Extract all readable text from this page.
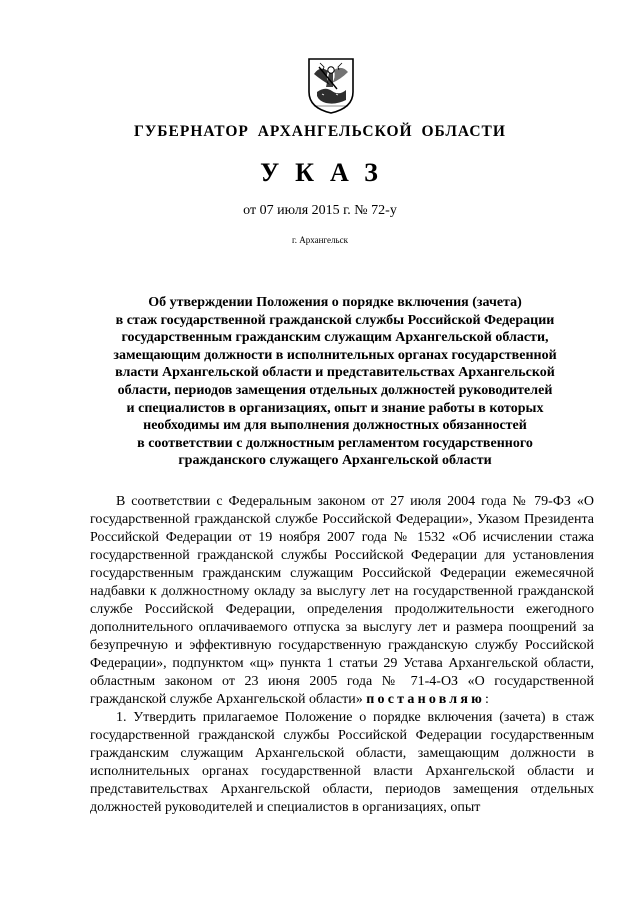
ГУБЕРНАТОР АРХАНГЕЛЬСКОЙ ОБЛАСТИ
УКАЗ
от 07 июля 2015 г. № 72-у
г. Архангельск
Об утверждении Положения о порядке включения (зачета)
в стаж государственной гражданской службы Российской Федерации
государственным гражданским служащим Архангельской области,
замещающим должности в исполнительных органах государственной
власти Архангельской области и представительствах Архангельской
области, периодов замещения отдельных должностей руководителей
и специалистов в организациях, опыт и знание работы в которых
необходимы им для выполнения должностных обязанностей
в соответствии с должностным регламентом государственного
гражданского служащего Архангельской области

В соответствии с Федеральным законом от 27 июля 2004 года № 79-ФЗ «О государственной гражданской службе Российской Федерации», Указом Президента Российской Федерации от 19 ноября 2007 года № 1532 «Об исчислении стажа государственной гражданской службы Российской Федерации для установления государственным гражданским служащим Российской Федерации ежемесячной надбавки к должностному окладу за выслугу лет на государственной гражданской службе Российской Федерации, определения продолжительности ежегодного дополнительного оплачиваемого отпуска за выслугу лет и размера поощрений за безупречную и эффективную государственную гражданскую службу Российской Федерации», подпунктом «щ» пункта 1 статьи 29 Устава Архангельской области, областным законом от 23 июня 2005 года № 71-4-ОЗ «О государственной гражданской службе Архангельской области» постановляю:

1. Утвердить прилагаемое Положение о порядке включения (зачета) в стаж государственной гражданской службы Российской Федерации государственным гражданским служащим Архангельской области, замещающим должности в исполнительных органах государственной власти Архангельской области и представительствах Архангельской области, периодов замещения отдельных должностей руководителей и специалистов в организациях, опыт
